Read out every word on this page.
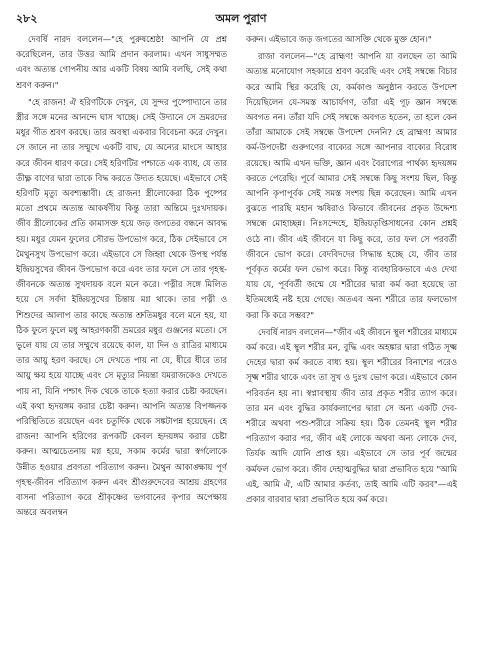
২৮২	অমল পুরাণ

দেবর্ষি নারদ বললেন—"হে পুরুষশ্রেষ্ঠ! আপনি যে প্রশ্ন করেছিলেন, তার উত্তর আমি প্রদান করলাম। এখন সাধুসম্মত এবং অত্যন্ত গোপনীয় আর একটি বিষয় আমি বলছি, সেই কথা শ্রবণ করুন।"

"হে রাজন! ঐ হরিণটিকে দেখুন, যে সুন্দর পুষ্পোদ্যানে তার স্ত্রীর সঙ্গে মনের আনন্দে ঘাস খাচ্ছে। সেই উদ্যানে সে ভ্রমরদের মধুর গীত শ্রবণ করছে। তার অবস্থা একবার বিবেচনা করে দেখুন। সে জানে না তার সম্মুখে একটি বাঘ, যে অন্যের মাংসে আহার করে জীবন ধারণ করে। সেই হরিণটির পশ্চাতে এক ব্যাধ, যে তার তীক্ষ্ণ বাণের দ্বারা তাকে বিদ্ধ করতে উদ্যত হয়েছে। এইভাবে সেই হরিণটি মৃত্যু অবশ্যম্ভাবী। হে রাজন! স্ত্রীলোকেরা ঠিক পুষ্পের মতো প্রথমে অত্যন্ত আকর্ষণীয় কিন্তু তারা অন্তিমে দুঃখদায়ক। জীব স্ত্রীলোকের প্রতি কামাসক্ত হয়ে জড় জগতের বন্ধনে আবদ্ধ হয়। মধুর যেমন ফুলের সৌরভ উপভোগ করে, ঠিক সেইভাবে সে মৈথুনসুখ উপভোগ করে। এইভাবে সে জিহ্বা থেকে উপস্থ পর্যন্ত ইন্দ্রিয়সুখের জীবন উপভোগ করে এবং তার ফলে সে তার গৃহস্থ-জীবনকে অত্যন্ত সুখদায়ক বলে মনে করে। পত্নীর সঙ্গে মিলিত হয়ে সে সর্বদা ইন্দ্রিয়সুখের চিন্তায় মগ্ন থাকে। তার পত্নী ও শিশুদের আলাপ তার কাছে অত্যন্ত শ্রুতিমধুর বলে মনে হয়, যা ঠিক ফুলে ফুলে মধু আহরণকারী ভ্রমরের মধুর গুঞ্জনের মতো। সে ভুলে যায় যে তার সম্মুখে রয়েছে কাল, যা দিন ও রাত্রির মাধ্যমে তার আয়ু হরণ করছে। সে দেখতে পায় না যে, ধীরে ধীরে তার আয়ু ক্ষয় হয়ে যাচ্ছে এবং সে মৃত্যুর নিয়ন্তা যমরাজকেও দেখতে পায় না, যিনি পশ্চাৎ দিক থেকে তাকে হত্যা করার চেষ্টা করছেন। এই কথা হৃদয়ঙ্গম করার চেষ্টা করুন। আপনি অত্যন্ত বিপজ্জনক পরিস্থিতিতে রয়েছেন এবং চতুর্দিক থেকে সঙ্কটাপন্ন হয়েছেন। হে রাজন! আপনি হরিণের রূপকটি কেবল হৃদয়ঙ্গম করার চেষ্টা করুন। আত্মচেতনায় মগ্ন হয়ে, সকাম কর্মের দ্বারা স্বর্গলোকে উন্নীত হওয়ার প্রবণতা পরিত্যাগ করুন। মৈথুন আকাঙ্ক্ষায় পূর্ণ গৃহস্থ-জীবন পরিত্যাগ করুন এবং শ্রীগুরুদেবের আশ্রয় গ্রহণের বাসনা পরিত্যাগ করে শ্রীকৃষ্ণের ভগবানের কৃপার অপেক্ষায় অন্তরে অবলম্বন

করুন। এইভাবে জড় জগতের আসক্তি থেকে মুক্ত হোন।"

রাজা বললেন—"হে ব্রাহ্মণ! আপনি যা বলছেন তা আমি অত্যন্ত মনোযোগ সহকারে শ্রবণ করেছি এবং সেই সম্বন্ধে বিচার করে আমি স্থির করেছি যে, কর্মকাণ্ড অনুষ্ঠান করতে উপদেশ দিয়েছিলেন যে-সমস্ত আচার্যগণ, তাঁরা এই গূঢ় জ্ঞান সম্বন্ধে অবগত নন। তাঁরা যদি সেই সম্বন্ধে অবগত হতেন, তা হলে কেন তাঁরা আমাকে সেই সম্বন্ধে উপদেশ দেননি? হে ব্রাহ্মণ! আমার কর্ম-উপদেষ্টা গুরুগণের বাক্যের সঙ্গে আপনার বাক্যের বিরোধ রয়েছে। আমি এখন ভক্তি, জ্ঞান এবং বৈরাগ্যের পার্থক্য হৃদয়ঙ্গম করতে পেরেছি। পূর্বে আমার সেই সম্বন্ধে কিছু সংশয় ছিল, কিন্তু আপনি কৃপাপূর্বক সেই সমস্ত সংশয় ছিন্ন করেছেন। আমি এখন বুঝতে পারছি মহান ঋষিরাও কিভাবে জীবনের প্রকৃত উদ্দেশ্য সম্বন্ধে মোহাচ্ছন্ন। নিঃসন্দেহে, ইন্দ্রিয়তৃপ্তিসাধনের কোন প্রশ্নই ওঠে না। জীব এই জীবনে যা কিছু করে, তার ফল সে পরবর্তী জীবনে ভোগ করে। বেদবিদদের সিদ্ধান্ত হচ্ছে যে, জীব তার পূর্বকৃত কর্মের ফল ভোগ করে। কিন্তু ব্যবহারিকভাবে এও দেখা যায় যে, পূর্ববর্তী জন্মে যে শরীরের দ্বারা কর্ম করা হয়েছে তা ইতিমধ্যেই নষ্ট হয়ে গেছে। অতএব অন্য শরীরে তার ফলভোগ করা কি করে সম্ভব?"

দেবর্ষি নারদ বললেন—"জীব এই জীবনে স্থূল শরীরের মাধ্যমে কর্ম করে। এই স্থূল শরীর মন, বুদ্ধি এবং অহঙ্কার দ্বারা গঠিত সূক্ষ্ম দেহের দ্বারা কর্ম করতে বাধ্য হয়। স্থূল শরীরের বিনাশের পরেও সূক্ষ্ম শরীর থাকে এবং তা সুখ ও দুঃখ ভোগ করে। এইভাবে কোন পরিবর্তন হয় না। স্বপ্নাবস্থায় জীব তার প্রকৃত শরীর ত্যাগ করে। তার মন এবং বুদ্ধির কার্যকলাপের দ্বারা সে অন্য একটি দেব-শরীরে অথবা পশু-শরীরে সক্রিয় হয়। ঠিক তেমনই স্থূল শরীর পরিত্যাগ করার পর, জীব এই লোকে অথবা অন্য লোকে দেব, তির্যক আদি যোনি প্রাপ্ত হয়। এইভাবে সে তার পূর্ব জন্মের কর্মফল ভোগ করে। জীব দেহাত্মবুদ্ধির দ্বারা প্রভাবিত হয়ে "আমি এই, আমি ঐ, এটি আমার কর্তব্য, তাই আমি এটি করব"—এই প্রকার বারবার দ্বারা প্রভাবিত হয়ে কর্ম করে।
